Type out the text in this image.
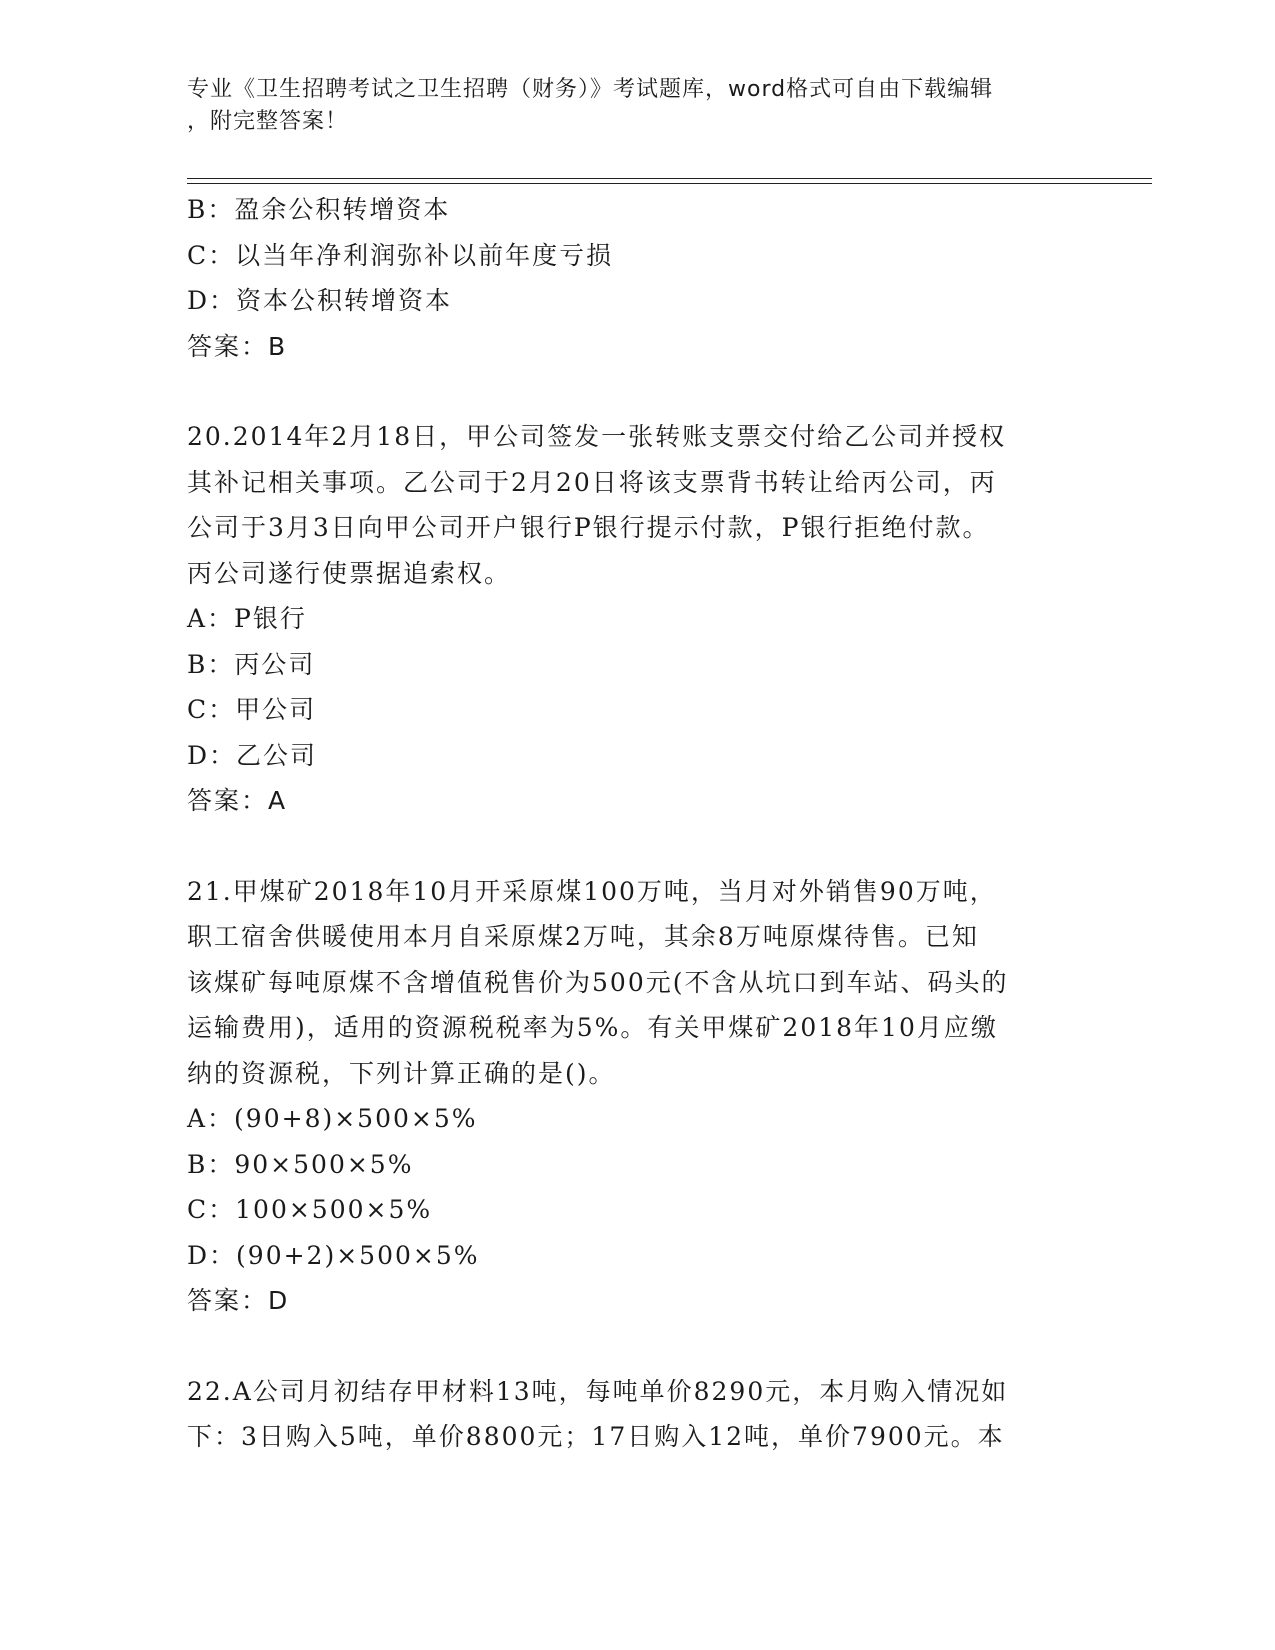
专业《卫生招聘考试之卫生招聘（财务）》考试题库，word格式可自由下载编辑
，附完整答案！
B：盈余公积转增资本
C：以当年净利润弥补以前年度亏损
D：资本公积转增资本
答案：B
20.2014年2月18日，甲公司签发一张转账支票交付给乙公司并授权
其补记相关事项。乙公司于2月20日将该支票背书转让给丙公司，丙
公司于3月3日向甲公司开户银行P银行提示付款，P银行拒绝付款。
丙公司遂行使票据追索权。
A：P银行
B：丙公司
C：甲公司
D：乙公司
答案：A
21.甲煤矿2018年10月开采原煤100万吨，当月对外销售90万吨，
职工宿舍供暖使用本月自采原煤2万吨，其余8万吨原煤待售。已知
该煤矿每吨原煤不含增值税售价为500元(不含从坑口到车站、码头的
运输费用)，适用的资源税税率为5%。有关甲煤矿2018年10月应缴
纳的资源税，下列计算正确的是()。
A：(90+8)×500×5%
B：90×500×5%
C：100×500×5%
D：(90+2)×500×5%
答案：D
22.A公司月初结存甲材料13吨，每吨单价8290元，本月购入情况如
下：3日购入5吨，单价8800元；17日购入12吨，单价7900元。本
